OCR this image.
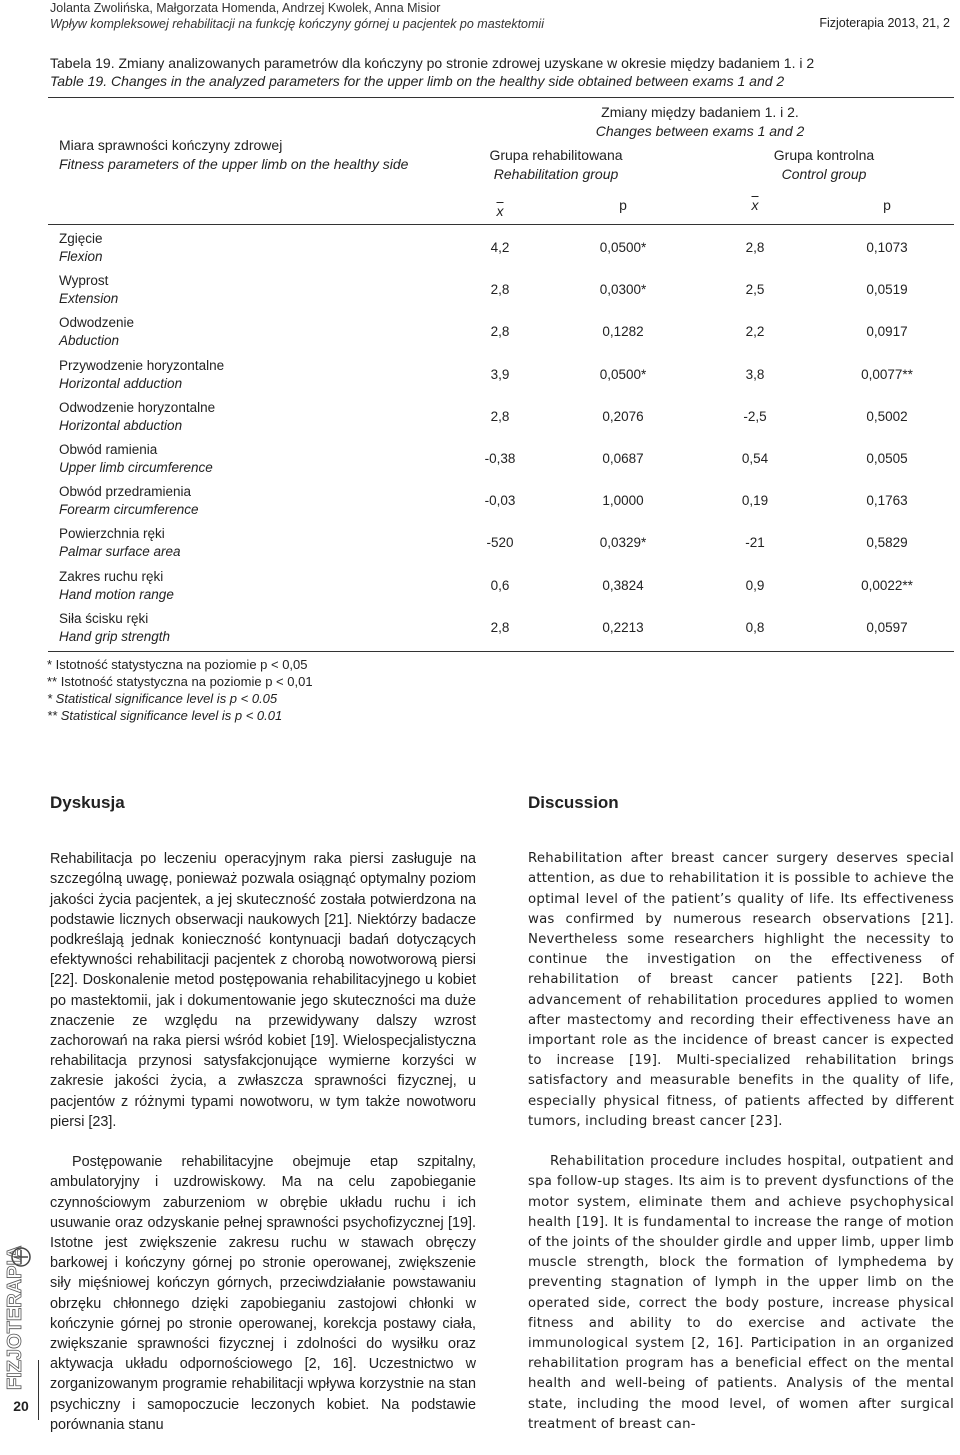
Jolanta Zwolińska, Małgorzata Homenda, Andrzej Kwolek, Anna Misior
Wpływ kompleksowej rehabilitacji na funkcję kończyny górnej u pacjentek po mastektomii	Fizjoterapia 2013, 21, 2
Tabela 19. Zmiany analizowanych parametrów dla kończyny po stronie zdrowej uzyskane w okresie między badaniem 1. i 2
Table 19. Changes in the analyzed parameters for the upper limb on the healthy side obtained between exams 1 and 2
Miara sprawności kończyny zdrowej
Fitness parameters of the upper limb on the healthy side
Zmiany między badaniem 1. i 2.
Changes between exams 1 and 2
Grupa rehabilitowana
Rehabilitation group
Grupa kontrolna
Control group
$\overline{x}$	p	$\overline{x}$	p
Zgięcie
Flexion
4,2	0,0500*	2,8	0,1073
Wyprost
Extension
2,8	0,0300*	2,5	0,0519
Odwodzenie
Abduction
2,8	0,1282	2,2	0,0917
Przywodzenie horyzontalne
Horizontal adduction
3,9	0,0500*	3,8	0,0077**
Odwodzenie horyzontalne
Horizontal abduction
2,8	0,2076	-2,5	0,5002
Obwód ramienia
Upper limb circumference
-0,38	0,0687	0,54	0,0505
Obwód przedramienia
Forearm circumference
-0,03	1,0000	0,19	0,1763
Powierzchnia ręki
Palmar surface area
-520	0,0329*	-21	0,5829
Zakres ruchu ręki
Hand motion range
0,6	0,3824	0,9	0,0022**
Siła ścisku ręki
Hand grip strength
2,8	0,2213	0,8	0,0597
* Istotność statystyczna na poziomie p < 0,05
** Istotność statystyczna na poziomie p < 0,01
* Statistical significance level is p < 0.05
** Statistical significance level is p < 0.01
Dyskusja

Rehabilitacja po leczeniu operacyjnym raka piersi zasługuje na szczególną uwagę, ponieważ pozwala osiągnąć optymalny poziom jakości życia pacjentek, a jej skuteczność została potwierdzona na podstawie licznych obserwacji naukowych [21]. Niektórzy badacze podkreślają jednak konieczność kontynuacji badań dotyczących efektywności rehabilitacji pacjentek z chorobą nowotworową piersi [22]. Doskonalenie metod postępowania rehabilitacyjnego u kobiet po mastektomii, jak i dokumentowanie jego skuteczności ma duże znaczenie ze względu na przewidywany dalszy wzrost zachorowań na raka piersi wśród kobiet [19]. Wielospecjalistyczna rehabilitacja przynosi satysfakcjonujące wymierne korzyści w zakresie jakości życia, a zwłaszcza sprawności fizycznej, u pacjentów z różnymi typami nowotworu, w tym także nowotworu piersi [23].

Postępowanie rehabilitacyjne obejmuje etap szpitalny, ambulatoryjny i uzdrowiskowy. Ma na celu zapobieganie czynnościowym zaburzeniom w obrębie układu ruchu i ich usuwanie oraz odzyskanie pełnej sprawności psychofizycznej [19]. Istotne jest zwiększenie zakresu ruchu w stawach obręczy barkowej i kończyny górnej po stronie operowanej, zwiększenie siły mięśniowej kończyn górnych, przeciwdziałanie powstawaniu obrzęku chłonnego dzięki zapobieganiu zastojowi chłonki w kończynie górnej po stronie operowanej, korekcja postawy ciała, zwiększanie sprawności fizycznej i zdolności do wysiłku oraz aktywacja układu odpornościowego [2, 16]. Uczestnictwo w zorganizowanym programie rehabilitacji wpływa korzystnie na stan psychiczny i samopoczucie leczonych kobiet. Na podstawie porównania stanu

Discussion

Rehabilitation after breast cancer surgery deserves special attention, as due to rehabilitation it is possible to achieve the optimal level of the patient’s quality of life. Its effectiveness was confirmed by numerous research observations [21]. Nevertheless some researchers highlight the necessity to continue the investigation on the effectiveness of rehabilitation of breast cancer patients [22]. Both advancement of rehabilitation procedures applied to women after mastectomy and recording their effectiveness have an important role as the incidence of breast cancer is expected to increase [19]. Multi-specialized rehabilitation brings satisfactory and measurable benefits in the quality of life, especially physical fitness, of patients affected by different tumors, including breast cancer [23].

Rehabilitation procedure includes hospital, outpatient and spa follow-up stages. Its aim is to prevent dysfunctions of the motor system, eliminate them and achieve psychophysical health [19]. It is fundamental to increase the range of motion of the joints of the shoulder girdle and upper limb, upper limb muscle strength, block the formation of lymphedema by preventing stagnation of lymph in the upper limb on the operated side, correct the body posture, increase physical fitness and ability to do exercise and activate the immunological system [2, 16]. Participation in an organized rehabilitation program has a beneficial effect on the mental health and well-being of patients. Analysis of the mental state, including the mood level, of women after surgical treatment of breast can-

FIZJOTERAPIA
20
